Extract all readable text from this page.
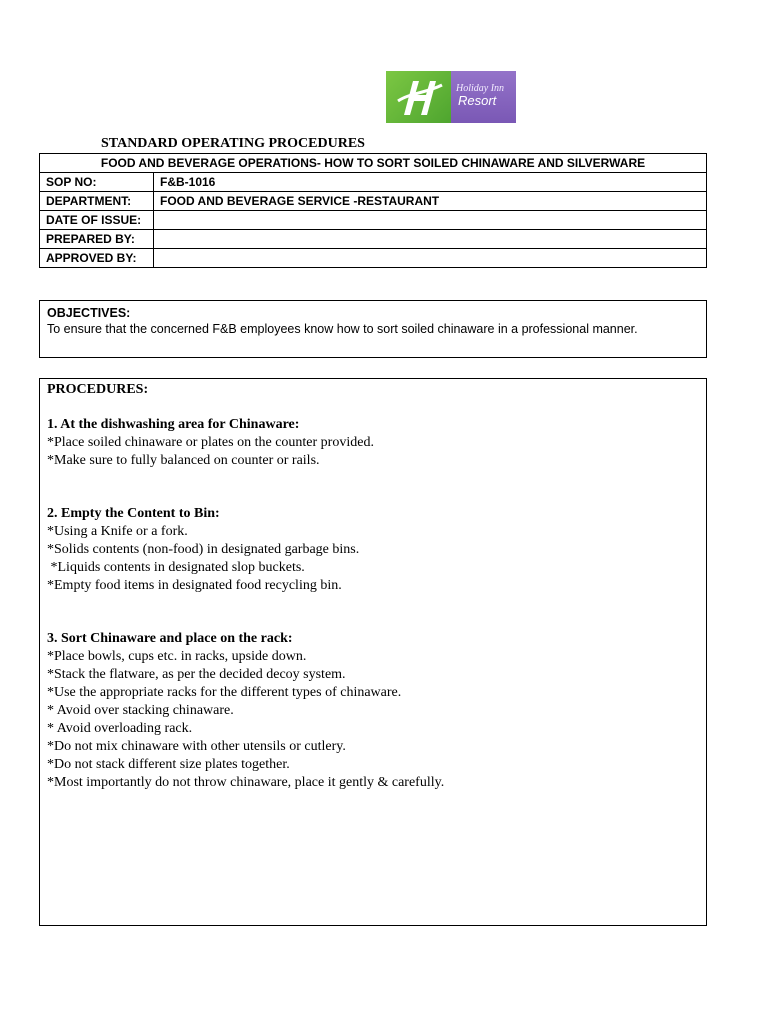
Holiday Inn
Resort
STANDARD OPERATING PROCEDURES
FOOD AND BEVERAGE OPERATIONS- HOW TO SORT SOILED CHINAWARE AND SILVERWARE	
SOP NO:	F&B-1016
DEPARTMENT:	FOOD AND BEVERAGE SERVICE -RESTAURANT
DATE OF ISSUE:	
PREPARED BY:	
APPROVED BY:	
OBJECTIVES:
To ensure that the concerned F&B employees know how to sort soiled chinaware in a professional manner.
PROCEDURES:
1. At the dishwashing area for Chinaware:
*Place soiled chinaware or plates on the counter provided.
*Make sure to fully balanced on counter or rails.
2. Empty the Content to Bin:
*Using a Knife or a fork.
*Solids contents (non-food) in designated garbage bins.
*Liquids contents in designated slop buckets.
*Empty food items in designated food recycling bin.
3. Sort Chinaware and place on the rack:
*Place bowls, cups etc. in racks, upside down.
*Stack the flatware, as per the decided decoy system.
*Use the appropriate racks for the different types of chinaware.
* Avoid over stacking chinaware.
* Avoid overloading rack.
*Do not mix chinaware with other utensils or cutlery.
*Do not stack different size plates together.
*Most importantly do not throw chinaware, place it gently & carefully.
